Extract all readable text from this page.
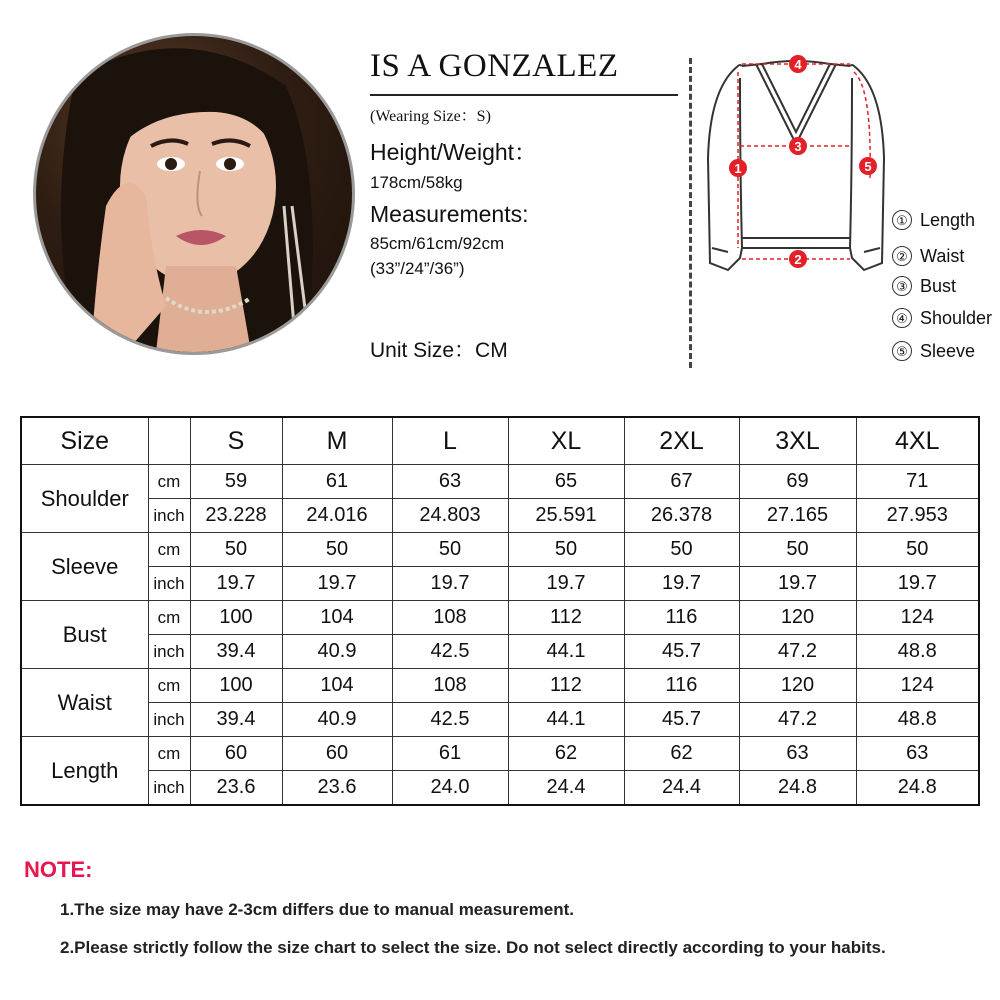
IS A GONZALEZ
(Wearing Size：S)
Height/Weight：
178cm/58kg
Measurements:
85cm/61cm/92cm
(33”/24”/36”)
Unit Size：CM
1
2
3
4
5
① Length
② Waist
③ Bust
④ Shoulder
⑤ Sleeve
Size		S	M	L	XL	2XL	3XL	4XL
Shoulder	cm	59	61	63	65	67	69	71
	inch	23.228	24.016	24.803	25.591	26.378	27.165	27.953
Sleeve	cm	50	50	50	50	50	50	50
	inch	19.7	19.7	19.7	19.7	19.7	19.7	19.7
Bust	cm	100	104	108	112	116	120	124
	inch	39.4	40.9	42.5	44.1	45.7	47.2	48.8
Waist	cm	100	104	108	112	116	120	124
	inch	39.4	40.9	42.5	44.1	45.7	47.2	48.8
Length	cm	60	60	61	62	62	63	63
	inch	23.6	23.6	24.0	24.4	24.4	24.8	24.8
NOTE:
1.The size may have 2-3cm differs due to manual measurement.
2.Please strictly follow the size chart to select the size. Do not select directly according to your habits.
